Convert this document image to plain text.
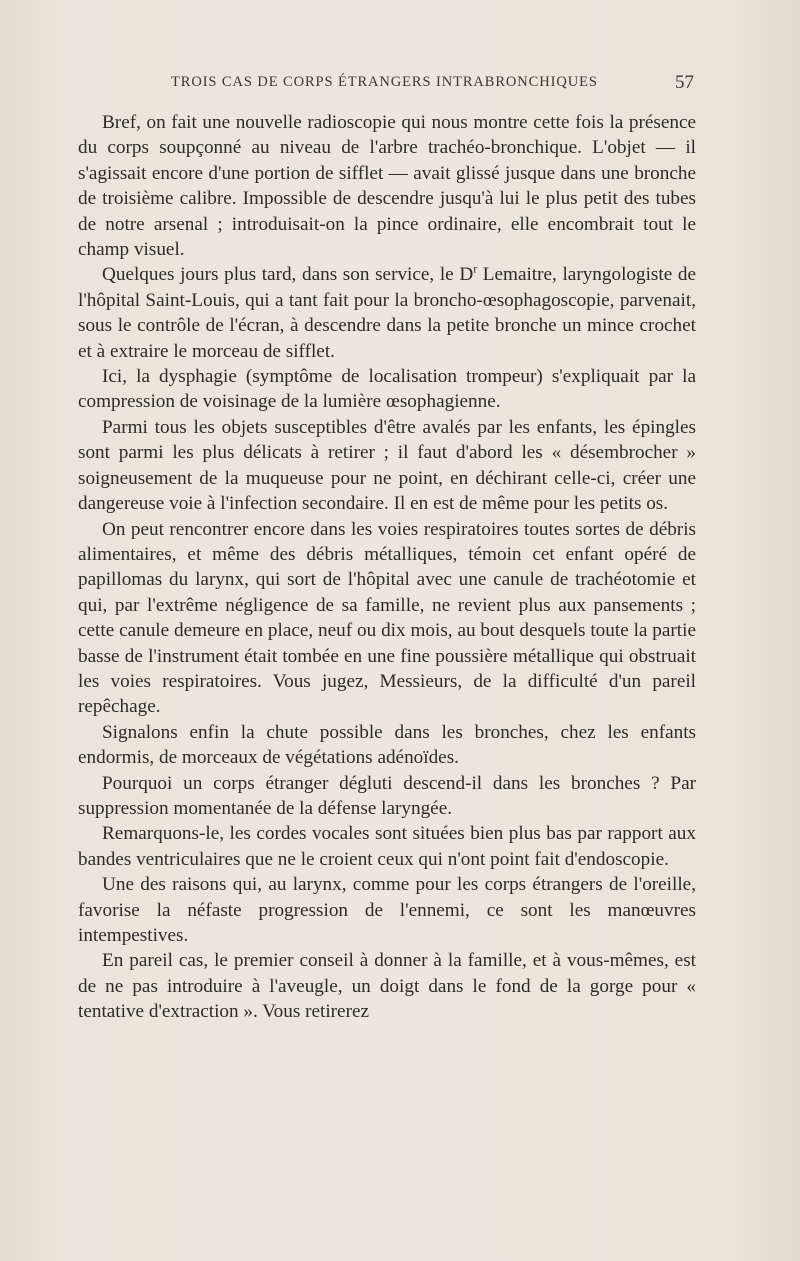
TROIS CAS DE CORPS ÉTRANGERS INTRABRONCHIQUES	57

Bref, on fait une nouvelle radioscopie qui nous montre cette fois la présence du corps soupçonné au niveau de l'arbre trachéo-bronchique. L'objet — il s'agissait encore d'une portion de sifflet — avait glissé jusque dans une bronche de troisième calibre. Impossible de descendre jusqu'à lui le plus petit des tubes de notre arsenal ; introduisait-on la pince ordinaire, elle encombrait tout le champ visuel.

Quelques jours plus tard, dans son service, le $D^r$ Lemaitre, laryngologiste de l'hôpital Saint-Louis, qui a tant fait pour la broncho-œsophagoscopie, parvenait, sous le contrôle de l'écran, à descendre dans la petite bronche un mince crochet et à extraire le morceau de sifflet.

Ici, la dysphagie (symptôme de localisation trompeur) s'expliquait par la compression de voisinage de la lumière œsophagienne.

Parmi tous les objets susceptibles d'être avalés par les enfants, les épingles sont parmi les plus délicats à retirer ; il faut d'abord les « désembrocher » soigneusement de la muqueuse pour ne point, en déchirant celle-ci, créer une dangereuse voie à l'infection secondaire. Il en est de même pour les petits os.

On peut rencontrer encore dans les voies respiratoires toutes sortes de débris alimentaires, et même des débris métalliques, témoin cet enfant opéré de papillomas du larynx, qui sort de l'hôpital avec une canule de trachéotomie et qui, par l'extrême négligence de sa famille, ne revient plus aux pansements ; cette canule demeure en place, neuf ou dix mois, au bout desquels toute la partie basse de l'instrument était tombée en une fine poussière métallique qui obstruait les voies respiratoires. Vous jugez, Messieurs, de la difficulté d'un pareil repêchage.

Signalons enfin la chute possible dans les bronches, chez les enfants endormis, de morceaux de végétations adénoïdes.

Pourquoi un corps étranger dégluti descend-il dans les bronches ? Par suppression momentanée de la défense laryngée.

Remarquons-le, les cordes vocales sont situées bien plus bas par rapport aux bandes ventriculaires que ne le croient ceux qui n'ont point fait d'endoscopie.

Une des raisons qui, au larynx, comme pour les corps étrangers de l'oreille, favorise la néfaste progression de l'ennemi, ce sont les manœuvres intempestives.

En pareil cas, le premier conseil à donner à la famille, et à vous-mêmes, est de ne pas introduire à l'aveugle, un doigt dans le fond de la gorge pour « tentative d'extraction ». Vous retirerez
